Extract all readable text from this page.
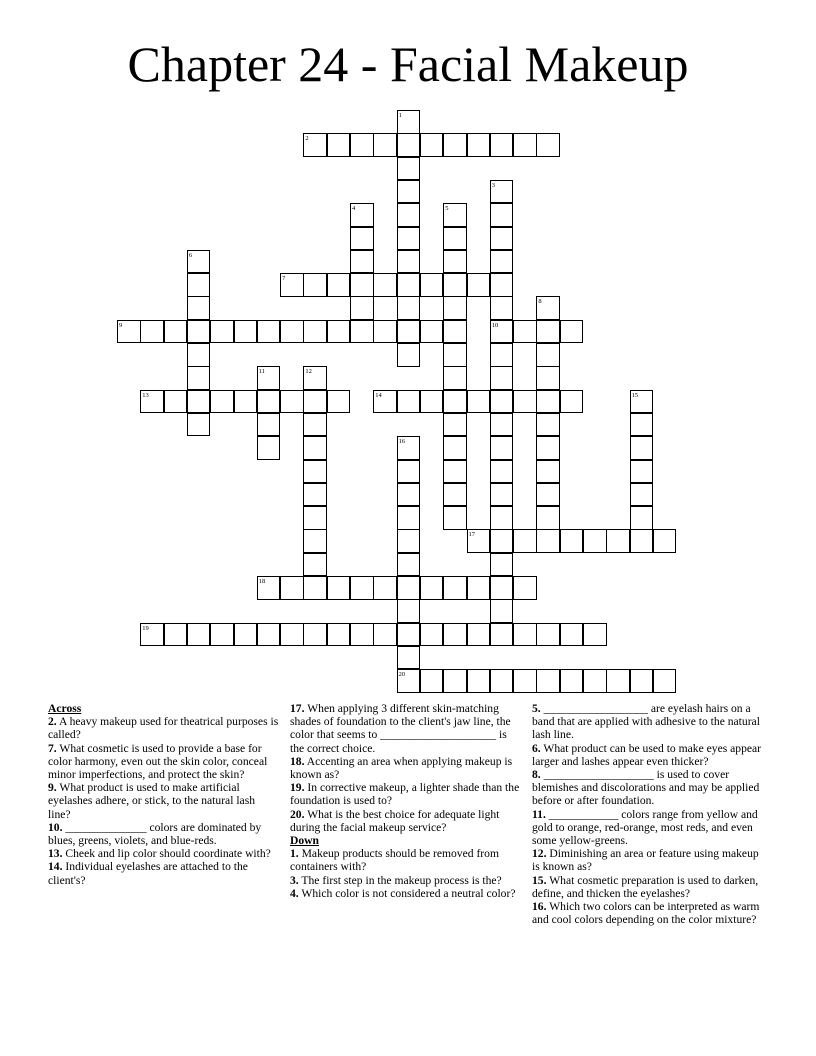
Chapter 24 - Facial Makeup
2
7
9	10
13	14
17
18
19
20
1
3
4	5
6
8
11	12
15
16
Across
2. A heavy makeup used for theatrical purposes is called?
7. What cosmetic is used to provide a base for color harmony, even out the skin color, conceal minor imperfections, and protect the skin?
9. What product is used to make artificial eyelashes adhere, or stick, to the natural lash line?
10. ______________ colors are dominated by blues, greens, violets, and blue-reds.
13. Cheek and lip color should coordinate with?
14. Individual eyelashes are attached to the client's?
17. When applying 3 different skin-matching shades of foundation to the client's jaw line, the color that seems to ____________________ is the correct choice.
18. Accenting an area when applying makeup is known as?
19. In corrective makeup, a lighter shade than the foundation is used to?
20. What is the best choice for adequate light during the facial makeup service?
Down
1. Makeup products should be removed from containers with?
3. The first step in the makeup process is the?
4. Which color is not considered a neutral color?
5. __________________ are eyelash hairs on a band that are applied with adhesive to the natural lash line.
6. What product can be used to make eyes appear larger and lashes appear even thicker?
8. ___________________ is used to cover blemishes and discolorations and may be applied before or after foundation.
11. ____________ colors range from yellow and gold to orange, red-orange, most reds, and even some yellow-greens.
12. Diminishing an area or feature using makeup is known as?
15. What cosmetic preparation is used to darken, define, and thicken the eyelashes?
16. Which two colors can be interpreted as warm and cool colors depending on the color mixture?
